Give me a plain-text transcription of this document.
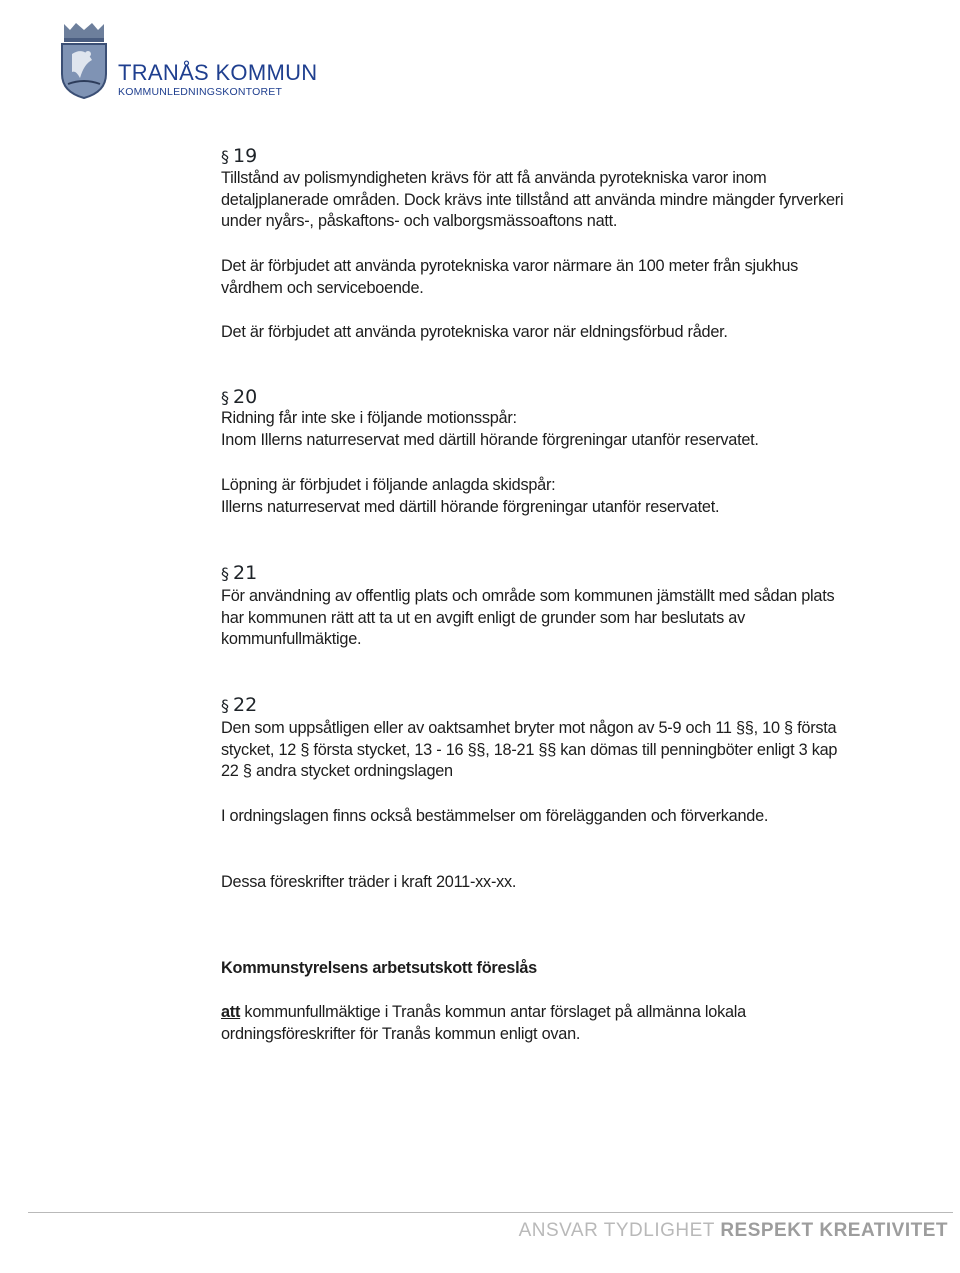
TRANÅS KOMMUN
KOMMUNLEDNINGSKONTORET
§ 19

Tillstånd av polismyndigheten krävs för att få använda pyrotekniska varor inom

detaljplanerade områden. Dock krävs inte tillstånd att använda mindre mängder fyrverkeri

under nyårs-, påskaftons- och valborgsmässoaftons natt.

Det är förbjudet att använda pyrotekniska varor närmare än 100 meter från sjukhus

vårdhem och serviceboende.

Det är förbjudet att använda pyrotekniska varor när eldningsförbud råder.

§ 20

Ridning får inte ske i följande motionsspår:

Inom Illerns naturreservat med därtill hörande förgreningar utanför reservatet.

Löpning är förbjudet i följande anlagda skidspår:

Illerns naturreservat med därtill hörande förgreningar utanför reservatet.

§ 21

För användning av offentlig plats och område som kommunen jämställt med sådan plats

har kommunen rätt att ta ut en avgift enligt de grunder som har beslutats av

kommunfullmäktige.

§ 22

Den som uppsåtligen eller av oaktsamhet bryter mot någon av 5-9 och 11 §§, 10 § första

stycket, 12 § första stycket, 13 - 16 §§, 18-21 §§ kan dömas till penningböter enligt 3 kap

22 § andra stycket ordningslagen

I ordningslagen finns också bestämmelser om förelägganden och förverkande.

Dessa föreskrifter träder i kraft 2011-xx-xx.

Kommunstyrelsens arbetsutskott föreslås

att kommunfullmäktige i Tranås kommun antar förslaget på allmänna lokala

ordningsföreskrifter för Tranås kommun enligt ovan.

ANSVAR TYDLIGHET RESPEKT KREATIVITET
